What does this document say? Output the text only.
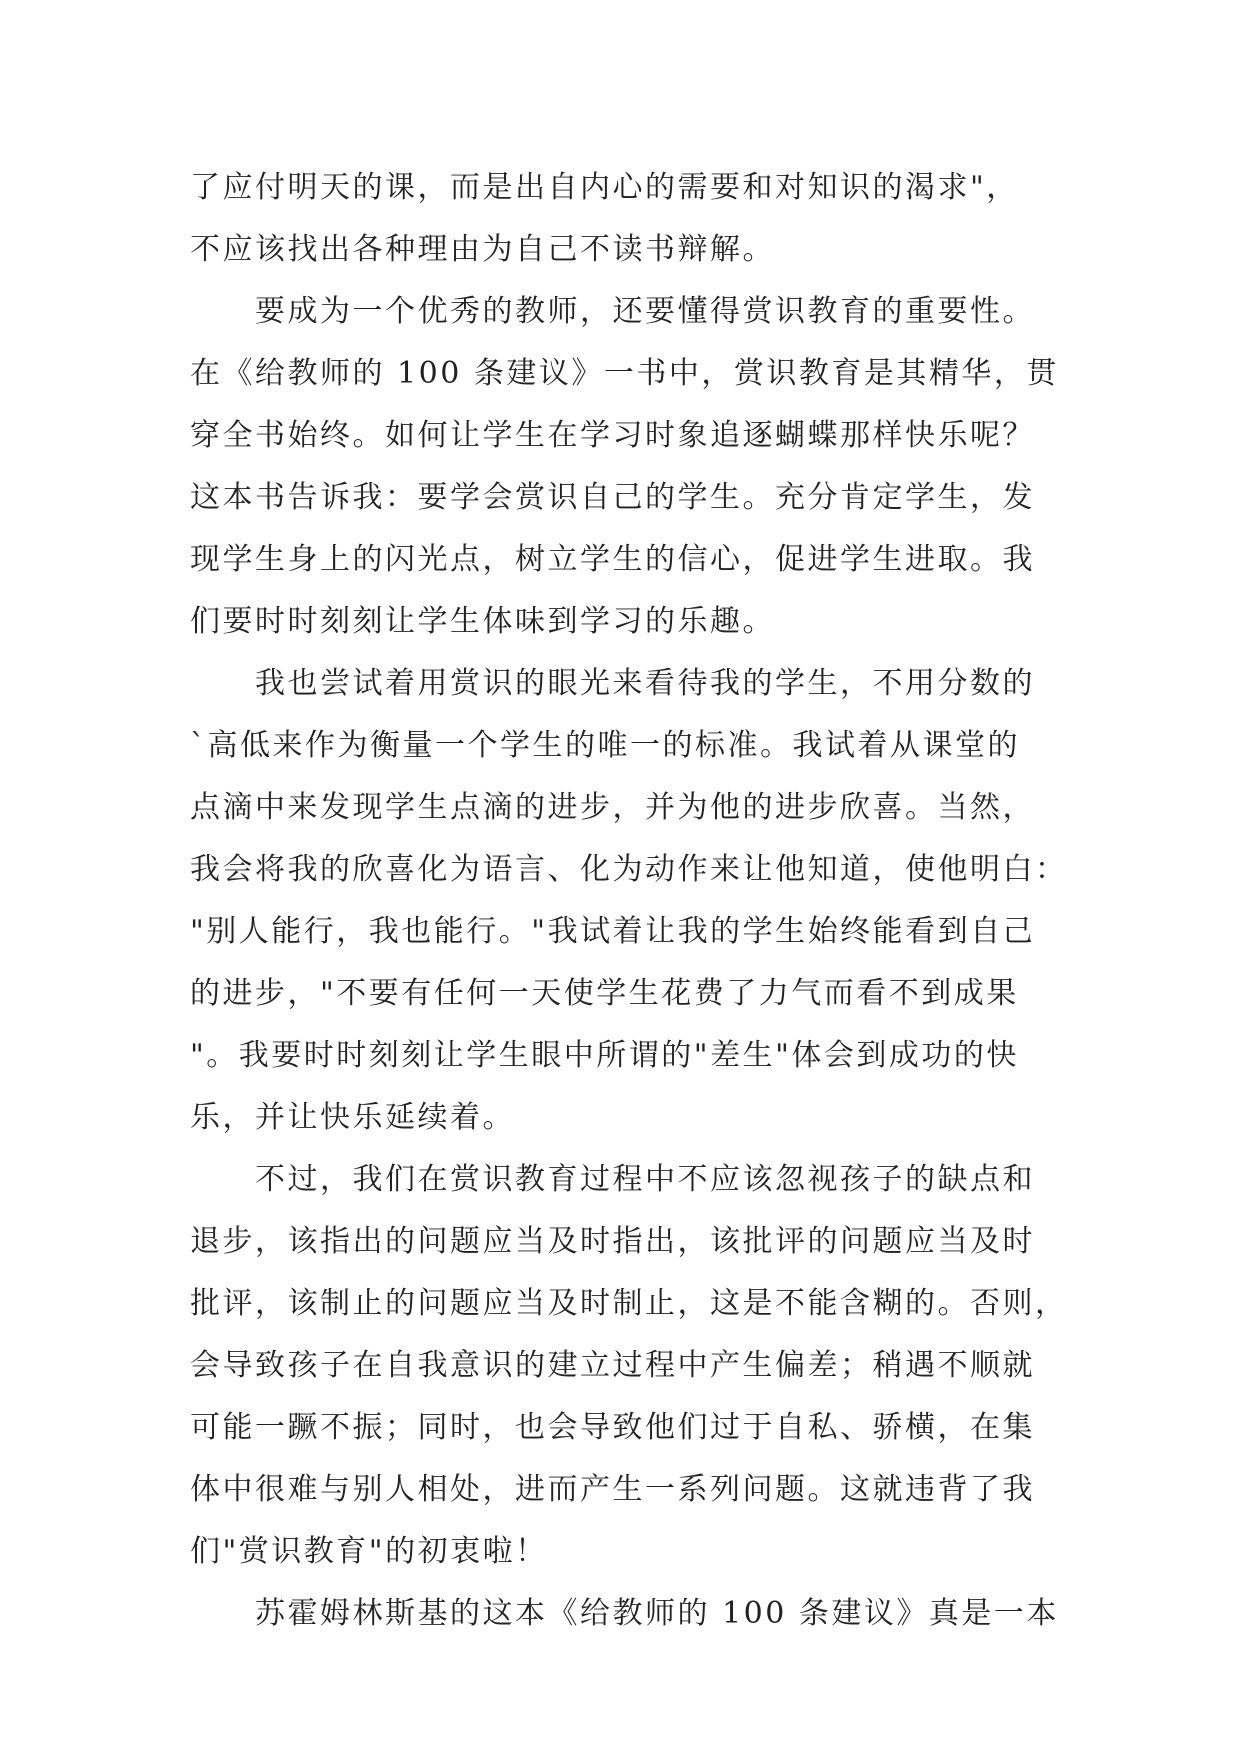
了应付明天的课，而是出自内心的需要和对知识的渴求"，
不应该找出各种理由为自己不读书辩解。
要成为一个优秀的教师，还要懂得赏识教育的重要性。
在《给教师的 100 条建议》一书中，赏识教育是其精华，贯
穿全书始终。如何让学生在学习时象追逐蝴蝶那样快乐呢？
这本书告诉我：要学会赏识自己的学生。充分肯定学生，发
现学生身上的闪光点，树立学生的信心，促进学生进取。我
们要时时刻刻让学生体味到学习的乐趣。
我也尝试着用赏识的眼光来看待我的学生，不用分数的
`高低来作为衡量一个学生的唯一的标准。我试着从课堂的
点滴中来发现学生点滴的进步，并为他的进步欣喜。当然，
我会将我的欣喜化为语言、化为动作来让他知道，使他明白：
"别人能行，我也能行。"我试着让我的学生始终能看到自己
的进步，"不要有任何一天使学生花费了力气而看不到成果
"。我要时时刻刻让学生眼中所谓的"差生"体会到成功的快
乐，并让快乐延续着。
不过，我们在赏识教育过程中不应该忽视孩子的缺点和
退步，该指出的问题应当及时指出，该批评的问题应当及时
批评，该制止的问题应当及时制止，这是不能含糊的。否则，
会导致孩子在自我意识的建立过程中产生偏差；稍遇不顺就
可能一蹶不振；同时，也会导致他们过于自私、骄横，在集
体中很难与别人相处，进而产生一系列问题。这就违背了我
们"赏识教育"的初衷啦！
苏霍姆林斯基的这本《给教师的 100 条建议》真是一本
